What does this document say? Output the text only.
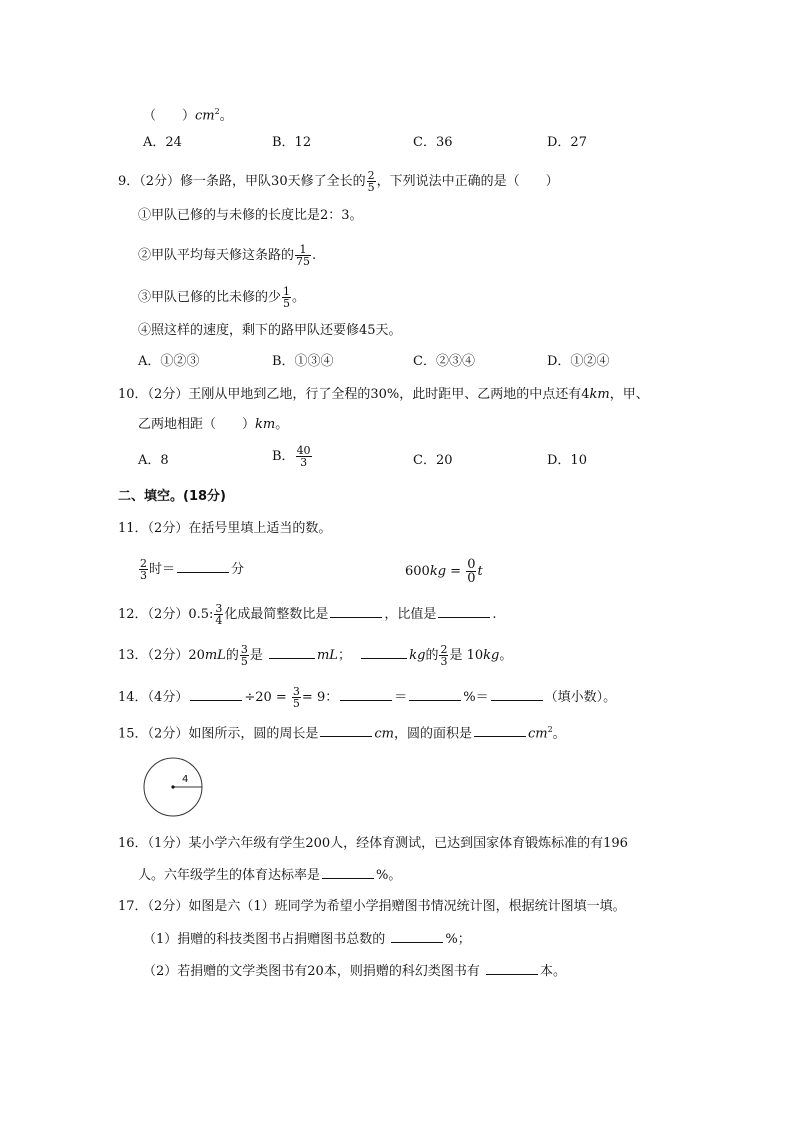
（　　）$cm^2$。
A．24	B．12	C．36	D．27
9．（2分）修一条路，甲队30天修了全长的 $\frac{2}{5}$ ，下列说法中正确的是（　　）
①甲队已修的与未修的长度比是2：3。
②甲队平均每天修这条路的 $\frac{1}{75}$ .
③甲队已修的比未修的少 $\frac{1}{5}$ 。
④照这样的速度，剩下的路甲队还要修45天。
A．①②③	B．①③④	C．②③④	D．①②④
10．（2分）王刚从甲地到乙地，行了全程的30%，此时距甲、乙两地的中点还有4km，甲、
乙两地相距（　　）km。
A．8	B． $\frac{40}{3}$	C．20	D．10
二、填空。(18分)
11．（2分）在括号里填上适当的数。
$\frac{2}{3}$ 时＝	分	$600kg = \frac{0}{0}$ t
12．（2分）0.5: $\frac{3}{4}$ 化成最简整数比是	，比值是	.
13．（2分）20mL的 $\frac{3}{5}$ 是	mL；	kg的 $\frac{2}{3}$ 是 10kg。
14．（4分）	$\div 20 = \frac{3}{5} = 9$：	＝	%＝	（填小数）。
15．（2分）如图所示，圆的周长是	cm，圆的面积是	$cm^2$。
4
16．（1分）某小学六年级有学生200人，经体育测试，已达到国家体育锻炼标准的有196
人。六年级学生的体育达标率是	%。
17．（2分）如图是六（1）班同学为希望小学捐赠图书情况统计图，根据统计图填一填。
（1）捐赠的科技类图书占捐赠图书总数的	%；
（2）若捐赠的文学类图书有20本，则捐赠的科幻类图书有	本。
